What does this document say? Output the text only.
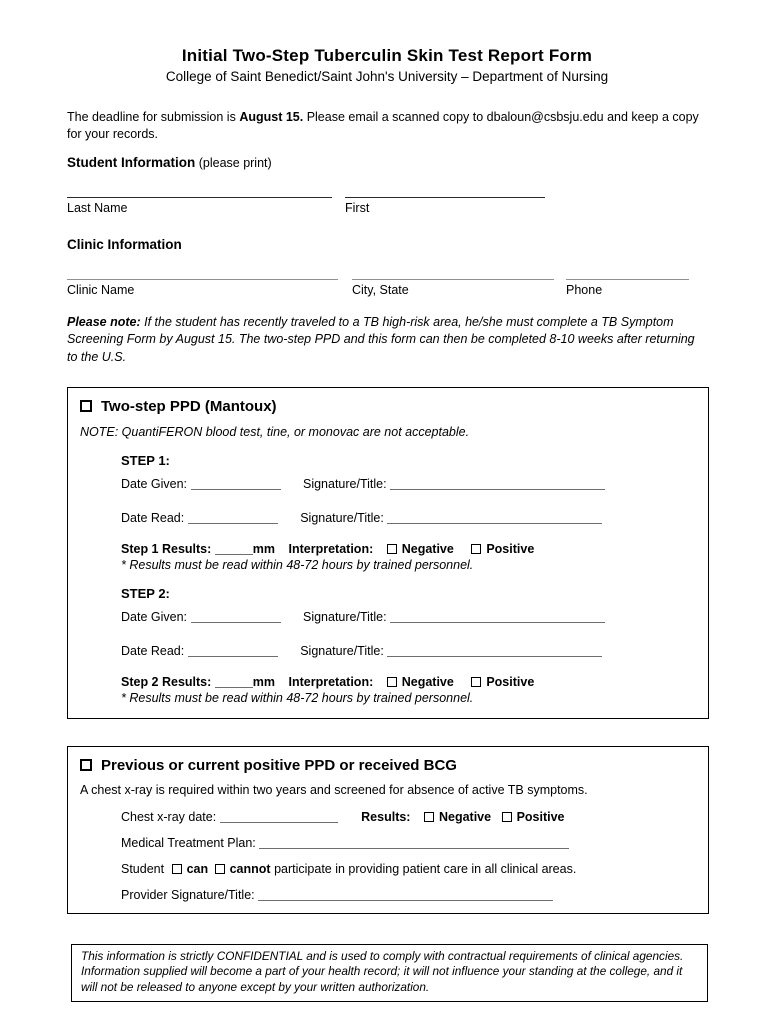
Initial Two-Step Tuberculin Skin Test Report Form
College of Saint Benedict/Saint John's University – Department of Nursing

The deadline for submission is August 15. Please email a scanned copy to dbaloun@csbsju.edu and keep a copy for your records.

Student Information (please print)
Last Name	First
Clinic Information
Clinic Name	City, State	Phone

Please note: If the student has recently traveled to a TB high-risk area, he/she must complete a TB Symptom Screening Form by August 15. The two-step PPD and this form can then be completed 8-10 weeks after returning to the U.S.

Two-step PPD (Mantoux)
NOTE: QuantiFERON blood test, tine, or monovac are not acceptable.
STEP 1:
Date Given:	Signature/Title:
Date Read:	Signature/Title:
Step 1 Results:	mm Interpretation: Negative	Positive
* Results must be read within 48-72 hours by trained personnel.
STEP 2:
Date Given:	Signature/Title:
Date Read:	Signature/Title:
Step 2 Results:	mm Interpretation: Negative	Positive
* Results must be read within 48-72 hours by trained personnel.
Previous or current positive PPD or received BCG
A chest x-ray is required within two years and screened for absence of active TB symptoms.
Chest x-ray date:	Results: Negative Positive
Medical Treatment Plan:
Student can cannot participate in providing patient care in all clinical areas.
Provider Signature/Title:
This information is strictly CONFIDENTIAL and is used to comply with contractual requirements of clinical agencies. Information supplied will become a part of your health record; it will not influence your standing at the college, and it will not be released to anyone except by your written authorization.
